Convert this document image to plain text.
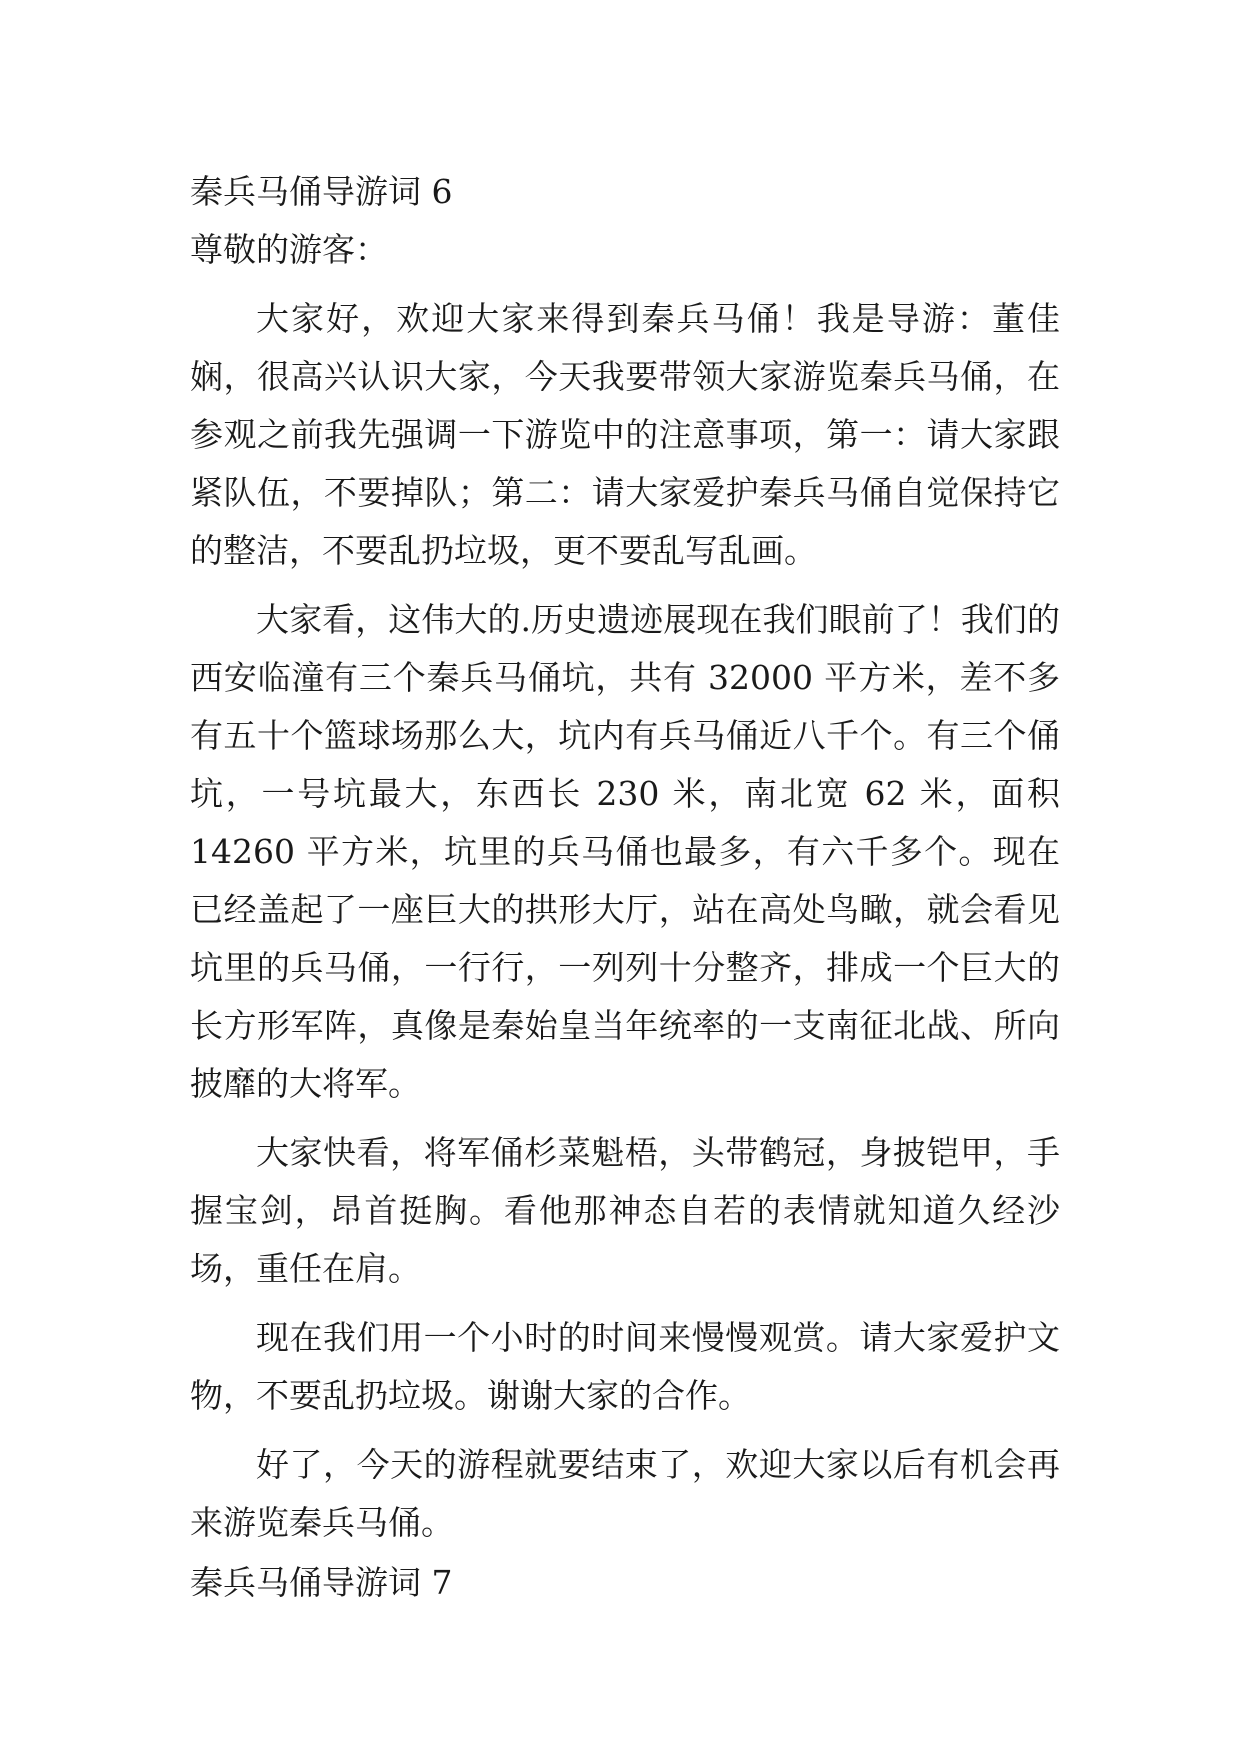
秦兵马俑导游词 6

尊敬的游客：

大家好，欢迎大家来得到秦兵马俑！我是导游：董佳娴，很高兴认识大家，今天我要带领大家游览秦兵马俑，在参观之前我先强调一下游览中的注意事项，第一：请大家跟紧队伍，不要掉队；第二：请大家爱护秦兵马俑自觉保持它的整洁，不要乱扔垃圾，更不要乱写乱画。

大家看，这伟大的.历史遗迹展现在我们眼前了！我们的西安临潼有三个秦兵马俑坑，共有 32000 平方米，差不多有五十个篮球场那么大，坑内有兵马俑近八千个。有三个俑坑，一号坑最大，东西长 230 米，南北宽 62 米，面积 14260 平方米，坑里的兵马俑也最多，有六千多个。现在已经盖起了一座巨大的拱形大厅，站在高处鸟瞰，就会看见坑里的兵马俑，一行行，一列列十分整齐，排成一个巨大的长方形军阵，真像是秦始皇当年统率的一支南征北战、所向披靡的大将军。

大家快看，将军俑杉菜魁梧，头带鹤冠，身披铠甲，手握宝剑，昂首挺胸。看他那神态自若的表情就知道久经沙场，重任在肩。

现在我们用一个小时的时间来慢慢观赏。请大家爱护文物，不要乱扔垃圾。谢谢大家的合作。

好了，今天的游程就要结束了，欢迎大家以后有机会再来游览秦兵马俑。

秦兵马俑导游词 7
